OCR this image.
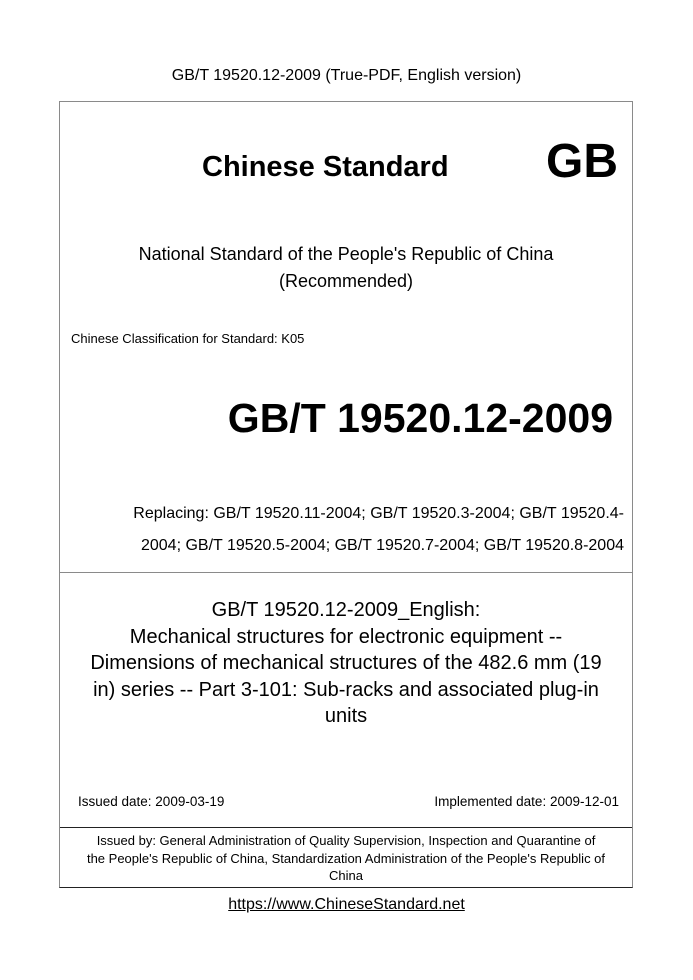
GB/T 19520.12-2009 (True-PDF, English version)
Chinese Standard GB
National Standard of the People's Republic of China
(Recommended)
Chinese Classification for Standard: K05
GB/T 19520.12-2009
Replacing: GB/T 19520.11-2004; GB/T 19520.3-2004; GB/T 19520.4-
2004; GB/T 19520.5-2004; GB/T 19520.7-2004; GB/T 19520.8-2004
GB/T 19520.12-2009_English:
Mechanical structures for electronic equipment --
Dimensions of mechanical structures of the 482.6 mm (19
in) series -- Part 3-101: Sub-racks and associated plug-in
units
Issued date: 2009-03-19	Implemented date: 2009-12-01
Issued by: General Administration of Quality Supervision, Inspection and Quarantine of
the People's Republic of China, Standardization Administration of the People's Republic of
China
https://www.ChineseStandard.net
